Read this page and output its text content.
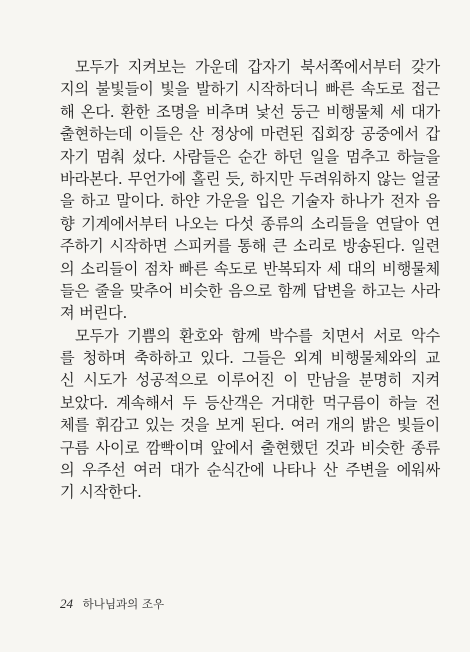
모두가 지켜보는 가운데 갑자기 북서쪽에서부터 갖가
지의 불빛들이 빛을 발하기 시작하더니 빠른 속도로 접근
해 온다. 환한 조명을 비추며 낯선 둥근 비행물체 세 대가
출현하는데 이들은 산 정상에 마련된 집회장 공중에서 갑
자기 멈춰 섰다. 사람들은 순간 하던 일을 멈추고 하늘을
바라본다. 무언가에 홀린 듯, 하지만 두려워하지 않는 얼굴
을 하고 말이다. 하얀 가운을 입은 기술자 하나가 전자 음
향 기계에서부터 나오는 다섯 종류의 소리들을 연달아 연
주하기 시작하면 스피커를 통해 큰 소리로 방송된다. 일련
의 소리들이 점차 빠른 속도로 반복되자 세 대의 비행물체
들은 줄을 맞추어 비슷한 음으로 함께 답변을 하고는 사라
져 버린다.
모두가 기쁨의 환호와 함께 박수를 치면서 서로 악수
를 청하며 축하하고 있다. 그들은 외계 비행물체와의 교
신 시도가 성공적으로 이루어진 이 만남을 분명히 지켜
보았다. 계속해서 두 등산객은 거대한 먹구름이 하늘 전
체를 휘감고 있는 것을 보게 된다. 여러 개의 밝은 빛들이
구름 사이로 깜빡이며 앞에서 출현했던 것과 비슷한 종류
의 우주선 여러 대가 순식간에 나타나 산 주변을 에워싸
기 시작한다.
24 하나님과의 조우
